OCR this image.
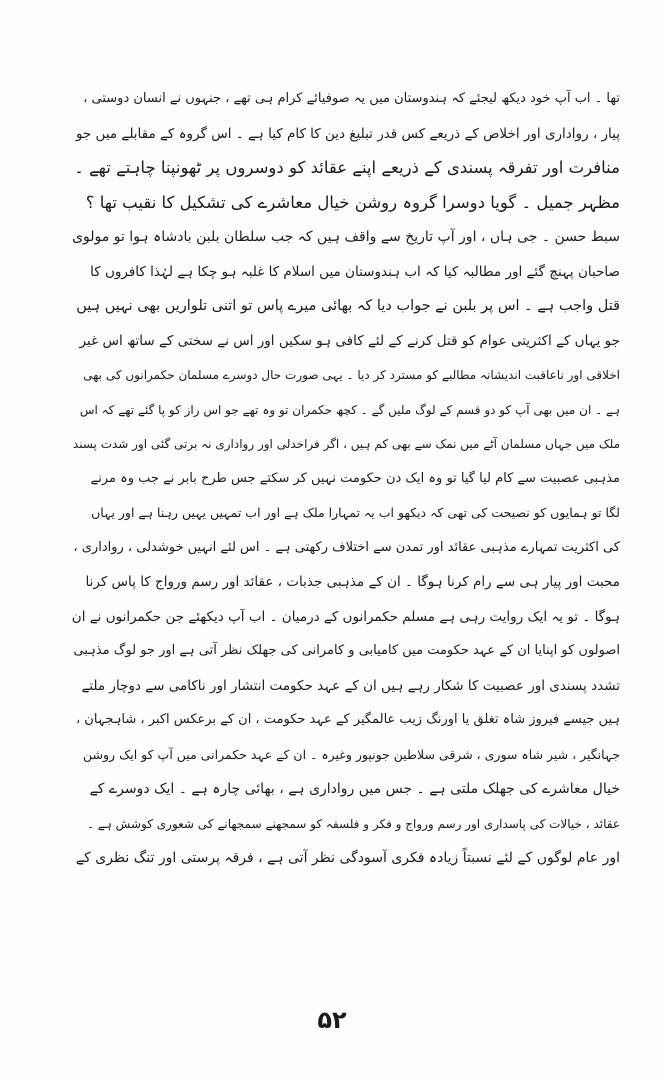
تھا ۔ اب آپ خود دیکھ لیجئے کہ ہندوستان میں یہ صوفیائے کرام ہی تھے ، جنہوں نے انسان دوستی ،
پیار ، رواداری اور اخلاص کے ذریعے کس قدر تبلیغ دین کا کام کیا ہے ۔ اس گروہ کے مقابلے میں جو
منافرت اور تفرقہ پسندی کے ذریعے اپنے عقائد کو دوسروں پر ٹھونپنا چاہتے تھے ۔
مظہر جمیل ۔ گویا دوسرا گروہ روشن خیال معاشرے کی تشکیل کا نقیب تھا ؟
سبط حسن ۔ جی ہاں ، اور آپ تاریخ سے واقف ہیں کہ جب سلطان بلبن بادشاہ ہوا تو مولوی
صاحبان پہنچ گئے اور مطالبہ کیا کہ اب ہندوستان میں اسلام کا غلبہ ہو چکا ہے لہٰذا کافروں کا
قتل واجب ہے ۔ اس پر بلبن نے جواب دیا کہ بھائی میرے پاس تو اتنی تلواریں بھی نہیں ہیں
جو یہاں کے اکثریتی عوام کو قتل کرنے کے لئے کافی ہو سکیں اور اس نے سختی کے ساتھ اس غیر
اخلاقی اور ناعاقبت اندیشانہ مطالبے کو مسترد کر دیا ۔ یہی صورت حال دوسرے مسلمان حکمرانوں کی بھی
ہے ۔ ان میں بھی آپ کو دو قسم کے لوگ ملیں گے ۔ کچھ حکمران تو وہ تھے جو اس راز کو پا گئے تھے کہ اس
ملک میں جہاں مسلمان آٹے میں نمک سے بھی کم ہیں ، اگر فراخدلی اور رواداری نہ برتی گئی اور شدت پسند
مذہبی عصبیت سے کام لیا گیا تو وہ ایک دن حکومت نہیں کر سکتے جس طرح بابر نے جب وہ مرنے
لگا تو ہمایوں کو نصیحت کی تھی کہ دیکھو اب یہ تمہارا ملک ہے اور اب تمہیں یہیں رہنا ہے اور یہاں
کی اکثریت تمہارے مذہبی عقائد اور تمدن سے اختلاف رکھتی ہے ۔ اس لئے انہیں خوشدلی ، رواداری ،
محبت اور پیار ہی سے رام کرنا ہوگا ۔ ان کے مذہبی جذبات ، عقائد اور رسم ورواج کا پاس کرنا
ہوگا ۔ تو یہ ایک روایت رہی ہے مسلم حکمرانوں کے درمیان ۔ اب آپ دیکھئے جن حکمرانوں نے ان
اصولوں کو اپنایا ان کے عہد حکومت میں کامیابی و کامرانی کی جھلک نظر آتی ہے اور جو لوگ مذہبی
تشدد پسندی اور عصبیت کا شکار رہے ہیں ان کے عہد حکومت انتشار اور ناکامی سے دوچار ملتے
ہیں جیسے فیروز شاہ تغلق یا اورنگ زیب عالمگیر کے عہد حکومت ، ان کے برعکس اکبر ، شاہجہان ،
جہانگیر ، شیر شاہ سوری ، شرقی سلاطین جونپور وغیرہ ۔ ان کے عہد حکمرانی میں آپ کو ایک روشن
خیال معاشرے کی جھلک ملتی ہے ۔ جس میں رواداری ہے ، بھائی چارہ ہے ۔ ایک دوسرے کے
عقائد ، خیالات کی پاسداری اور رسم ورواج و فکر و فلسفہ کو سمجھنے سمجھانے کی شعوری کوشش ہے ۔
اور عام لوگوں کے لئے نسبتاً زیادہ فکری آسودگی نظر آتی ہے ، فرقہ پرستی اور تنگ نظری کے
۵۲
